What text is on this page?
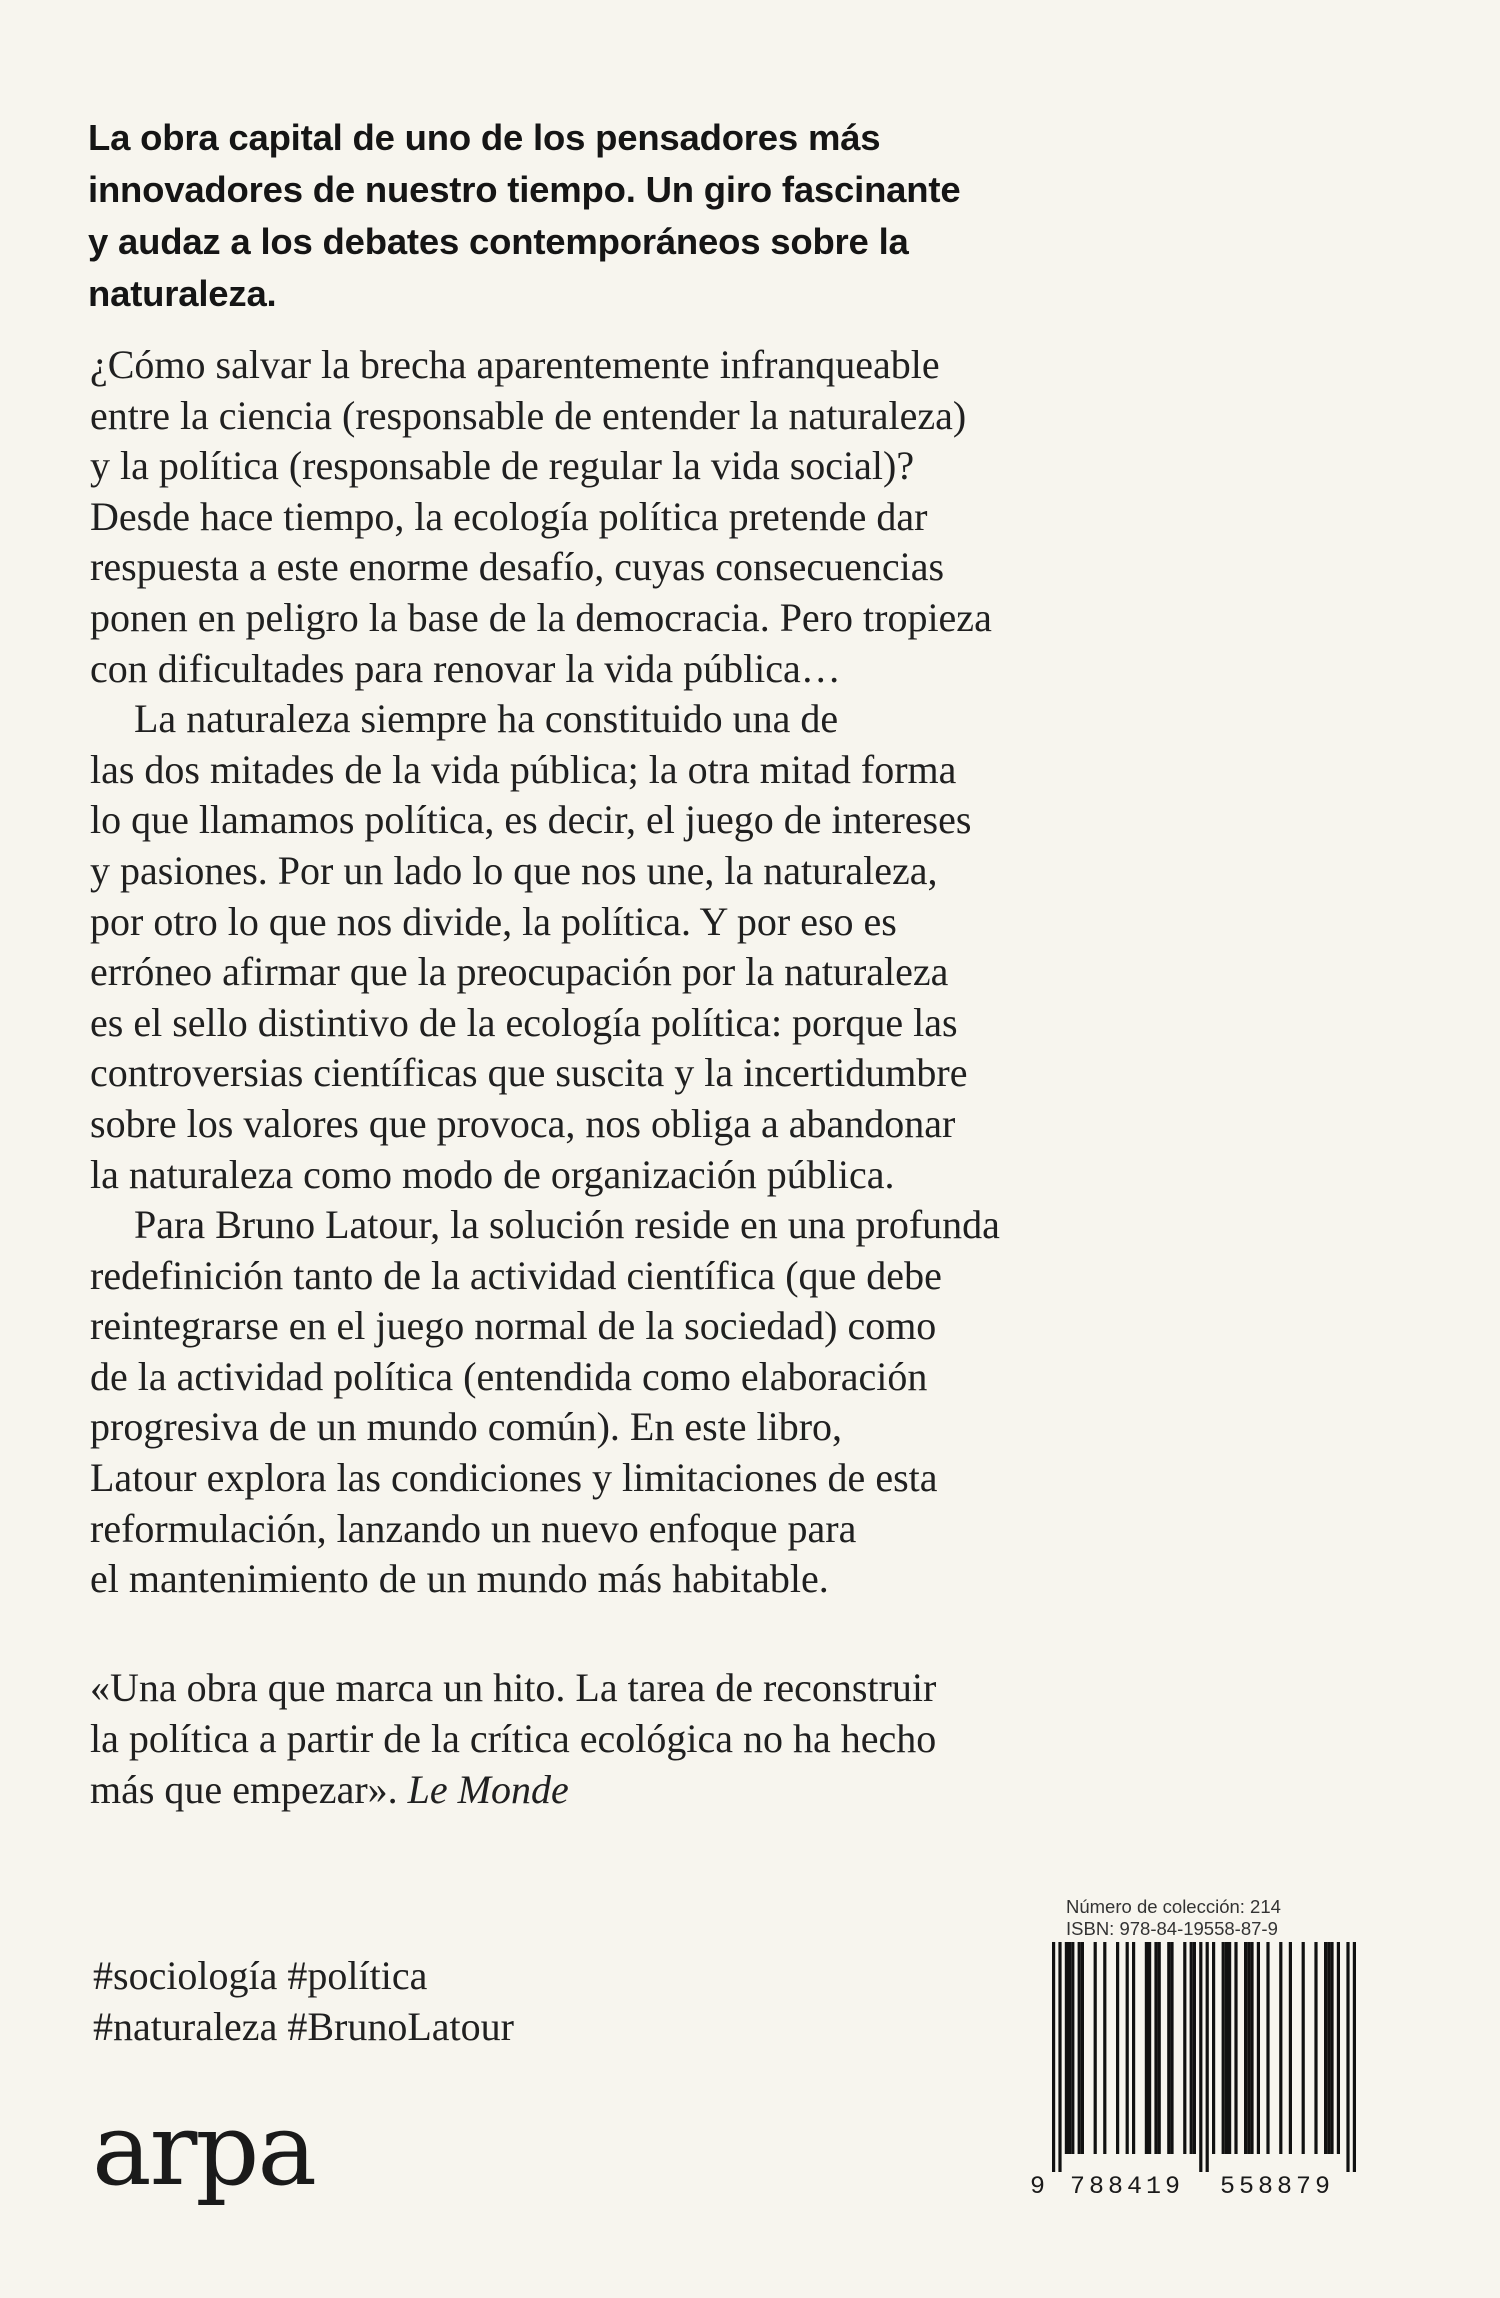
La obra capital de uno de los pensadores más
innovadores de nuestro tiempo. Un giro fascinante
y audaz a los debates contemporáneos sobre la
naturaleza.
¿Cómo salvar la brecha aparentemente infranqueable
entre la ciencia (responsable de entender la naturaleza)
y la política (responsable de regular la vida social)?
Desde hace tiempo, la ecología política pretende dar
respuesta a este enorme desafío, cuyas consecuencias
ponen en peligro la base de la democracia. Pero tropieza
con dificultades para renovar la vida pública…
La naturaleza siempre ha constituido una de
las dos mitades de la vida pública; la otra mitad forma
lo que llamamos política, es decir, el juego de intereses
y pasiones. Por un lado lo que nos une, la naturaleza,
por otro lo que nos divide, la política. Y por eso es
erróneo afirmar que la preocupación por la naturaleza
es el sello distintivo de la ecología política: porque las
controversias científicas que suscita y la incertidumbre
sobre los valores que provoca, nos obliga a abandonar
la naturaleza como modo de organización pública.
Para Bruno Latour, la solución reside en una profunda
redefinición tanto de la actividad científica (que debe
reintegrarse en el juego normal de la sociedad) como
de la actividad política (entendida como elaboración
progresiva de un mundo común). En este libro,
Latour explora las condiciones y limitaciones de esta
reformulación, lanzando un nuevo enfoque para
el mantenimiento de un mundo más habitable.
«Una obra que marca un hito. La tarea de reconstruir
la política a partir de la crítica ecológica no ha hecho
más que empezar». Le Monde
#sociología #política
#naturaleza #BrunoLatour
arpa
Número de colección: 214
ISBN: 978-84-19558-87-9
9 788419 558879
